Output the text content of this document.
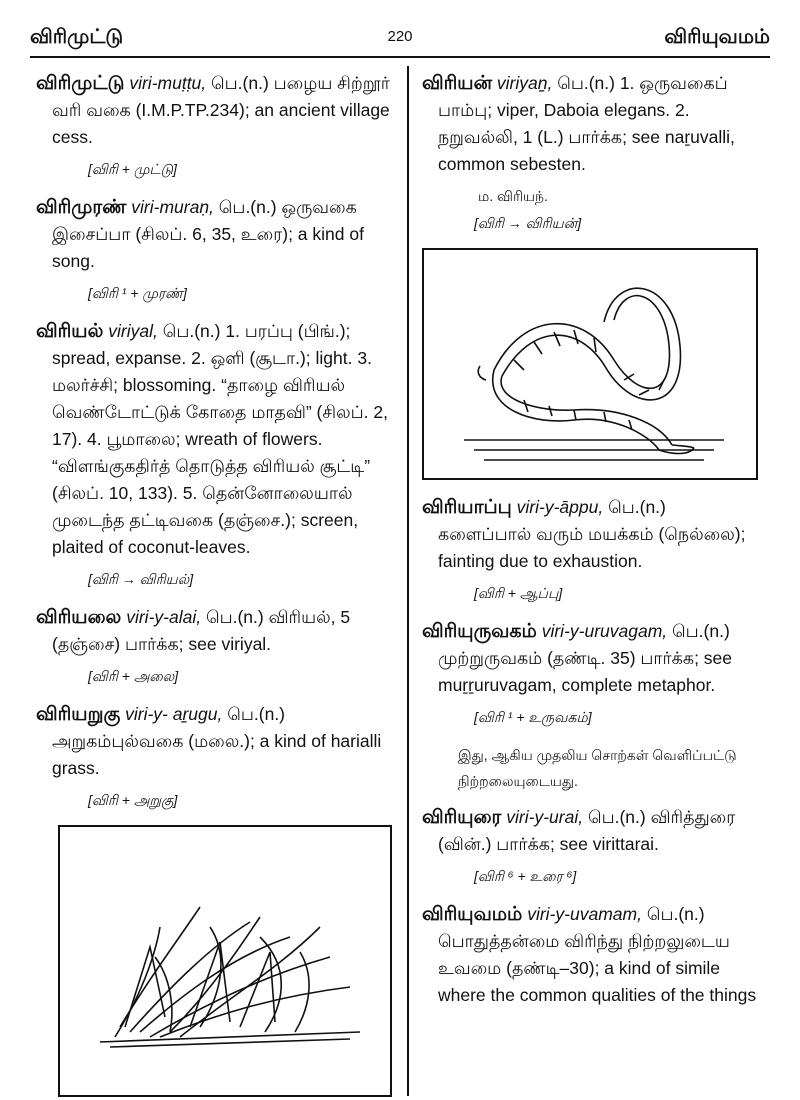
விரிமுட்டு	220	விரியுவமம்
விரிமுட்டு viri-muṭṭu, பெ.(n.) பழைய சிற்றூர் வரி வகை (I.M.P.TP.234); an ancient village cess.
[விரி + முட்டு]
விரிமுரண் viri-muraṇ, பெ.(n.) ஒருவகை இசைப்பா (சிலப். 6, 35, உரை); a kind of song.
[விரி ¹ + முரண்]
விரியல் viriyal, பெ.(n.) 1. பரப்பு (பிங்.); spread, expanse. 2. ஒளி (சூடா.); light. 3. மலர்ச்சி; blossoming. “தாழை விரியல் வெண்டோட்டுக் கோதை மாதவி” (சிலப். 2, 17). 4. பூமாலை; wreath of flowers. “விளங்குகதிர்த் தொடுத்த விரியல் சூட்டி” (சிலப். 10, 133). 5. தென்னோலையால் முடைந்த தட்டிவகை (தஞ்சை.); screen, plaited of coconut-leaves.
[விரி → விரியல்]
விரியலை viri-y-alai, பெ.(n.) விரியல், 5 (தஞ்சை) பார்க்க; see viriyal.
[விரி + அலை]
விரியறுகு viri-y- aṟugu, பெ.(n.) அறுகம்புல்வகை (மலை.); a kind of harialli grass.
[விரி + அறுகு]
விரியன் viriyaṉ, பெ.(n.) 1. ஒருவகைப் பாம்பு; viper, Daboia elegans. 2. நறுவல்லி, 1 (L.) பார்க்க; see naṟuvalli, common sebesten.
ம. விரியந்.
[விரி → விரியன்]
விரியாப்பு viri-y-āppu, பெ.(n.) களைப்பால் வரும் மயக்கம் (நெல்லை); fainting due to exhaustion.
[விரி + ஆப்பு]
விரியுருவகம் viri-y-uruvagam, பெ.(n.) முற்றுருவகம் (தண்டி. 35) பார்க்க; see muṟṟuruvagam, complete metaphor.
[விரி ¹ + உருவகம்]
இது, ஆகிய முதலிய சொற்கள் வெளிப்பட்டு நிற்றலையுடையது.
விரியுரை viri-y-urai, பெ.(n.) விரித்துரை (வின்.) பார்க்க; see virittarai.
[விரி ⁶ + உரை ⁶]
விரியுவமம் viri-y-uvamam, பெ.(n.) பொதுத்தன்மை விரிந்து நிற்றலுடைய உவமை (தண்டி–30); a kind of simile where the common qualities of the things
